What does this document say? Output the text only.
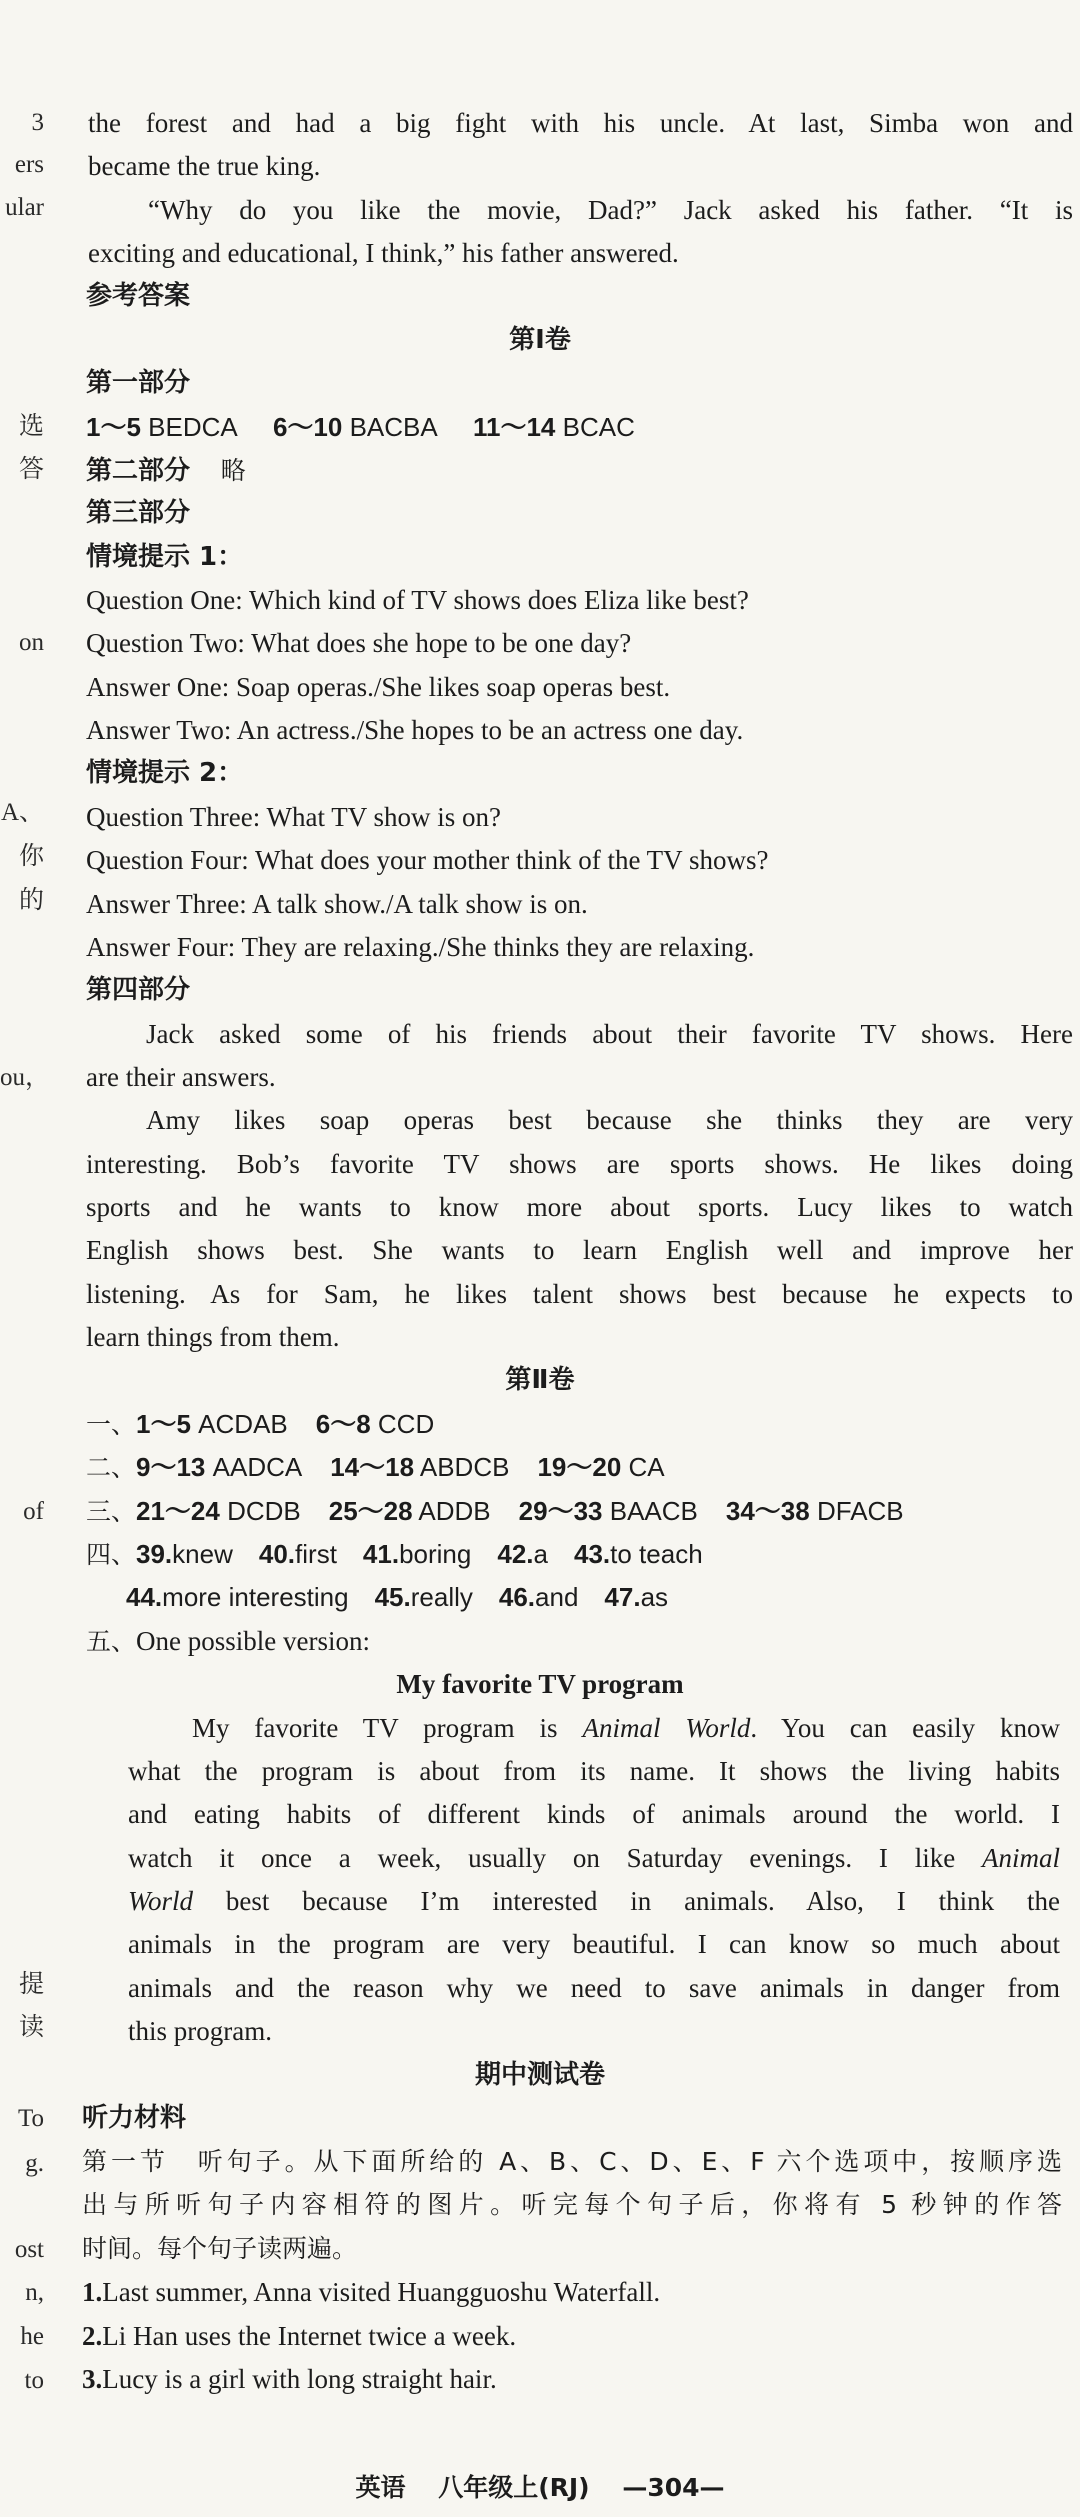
3
ers
ular
选
答
on
A、
你
的
ou，
of
提
读
To
g.
ost
n,
he
to
the forest and had a big fight with his uncle. At last, Simba won and
became the true king.
“Why do you like the movie, Dad?” Jack asked his father. “It is
exciting and educational, I think,” his father answered.
参考答案
第Ⅰ卷
第一部分
1～5 BEDCA 6～10 BACBA 11～14 BCAC
第二部分 略
第三部分
情境提示 1：
Question One: Which kind of TV shows does Eliza like best?
Question Two: What does she hope to be one day?
Answer One: Soap operas./She likes soap operas best.
Answer Two: An actress./She hopes to be an actress one day.
情境提示 2：
Question Three: What TV show is on?
Question Four: What does your mother think of the TV shows?
Answer Three: A talk show./A talk show is on.
Answer Four: They are relaxing./She thinks they are relaxing.
第四部分
Jack asked some of his friends about their favorite TV shows. Here
are their answers.
Amy likes soap operas best because she thinks they are very
interesting. Bob’s favorite TV shows are sports shows. He likes doing
sports and he wants to know more about sports. Lucy likes to watch
English shows best. She wants to learn English well and improve her
listening. As for Sam, he likes talent shows best because he expects to
learn things from them.
第Ⅱ卷
一、1～5 ACDAB 6～8 CCD
二、9～13 AADCA 14～18 ABDCB 19～20 CA
三、21～24 DCDB 25～28 ADDB 29～33 BAACB 34～38 DFACB
四、39.knew 40.first 41.boring 42.a 43.to teach
44.more interesting 45.really 46.and 47.as
五、One possible version:
My favorite TV program
My favorite TV program is Animal World. You can easily know
what the program is about from its name. It shows the living habits
and eating habits of different kinds of animals around the world. I
watch it once a week, usually on Saturday evenings. I like Animal
World best because I’m interested in animals. Also, I think the
animals in the program are very beautiful. I can know so much about
animals and the reason why we need to save animals in danger from
this program.
期中测试卷
听力材料
第一节　听句子。从下面所给的 A、B、C、D、E、F 六个选项中，按顺序选
出与所听句子内容相符的图片。听完每个句子后，你将有 5 秒钟的作答
时间。每个句子读两遍。
1.Last summer, Anna visited Huangguoshu Waterfall.
2.Li Han uses the Internet twice a week.
3.Lucy is a girl with long straight hair.
英语 八年级上(RJ) —304—
